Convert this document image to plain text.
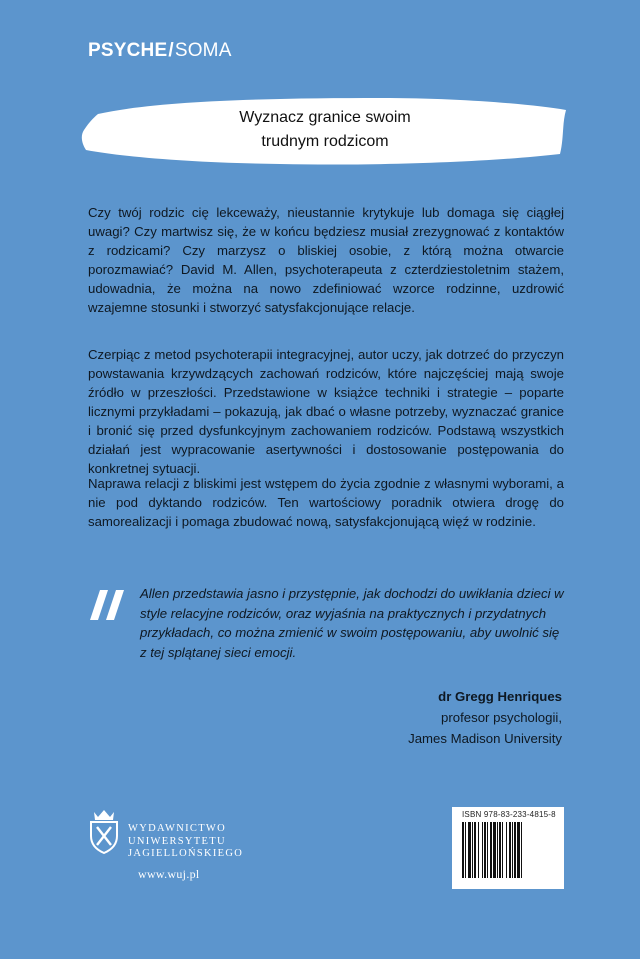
PSYCHE/SOMA
Wyznacz granice swoim
trudnym rodzicom

Czy twój rodzic cię lekceważy, nieustannie krytykuje lub domaga się ciągłej uwagi? Czy martwisz się, że w końcu będziesz musiał zrezygnować z kontaktów z rodzicami? Czy marzysz o bliskiej osobie, z którą można otwarcie porozmawiać? David M. Allen, psychoterapeuta z czterdziestoletnim stażem, udowadnia, że można na nowo zdefiniować wzorce rodzinne, uzdrowić wzajemne stosunki i stworzyć satysfakcjonujące relacje.

Czerpiąc z metod psychoterapii integracyjnej, autor uczy, jak dotrzeć do przyczyn powstawania krzywdzących zachowań rodziców, które najczęściej mają swoje źródło w przeszłości. Przedstawione w książce techniki i strategie – poparte licznymi przykładami – pokazują, jak dbać o własne potrzeby, wyznaczać granice i bronić się przed dysfunkcyjnym zachowaniem rodziców. Podstawą wszystkich działań jest wypracowanie asertywności i dostosowanie postępowania do konkretnej sytuacji.

Naprawa relacji z bliskimi jest wstępem do życia zgodnie z własnymi wyborami, a nie pod dyktando rodziców. Ten wartościowy poradnik otwiera drogę do samorealizacji i pomaga zbudować nową, satysfakcjonującą więź w rodzinie.

Allen przedstawia jasno i przystępnie, jak dochodzi do uwikłania dzieci w style relacyjne rodziców, oraz wyjaśnia na praktycznych i przydatnych przykładach, co można zmienić w swoim postępowaniu, aby uwolnić się z tej splątanej sieci emocji.

dr Gregg Henriques
profesor psychologii,
James Madison University
WYDAWNICTWO
UNIWERSYTETU
JAGIELLOŃSKIEGO
www.wuj.pl
ISBN 978-83-233-4815-8
